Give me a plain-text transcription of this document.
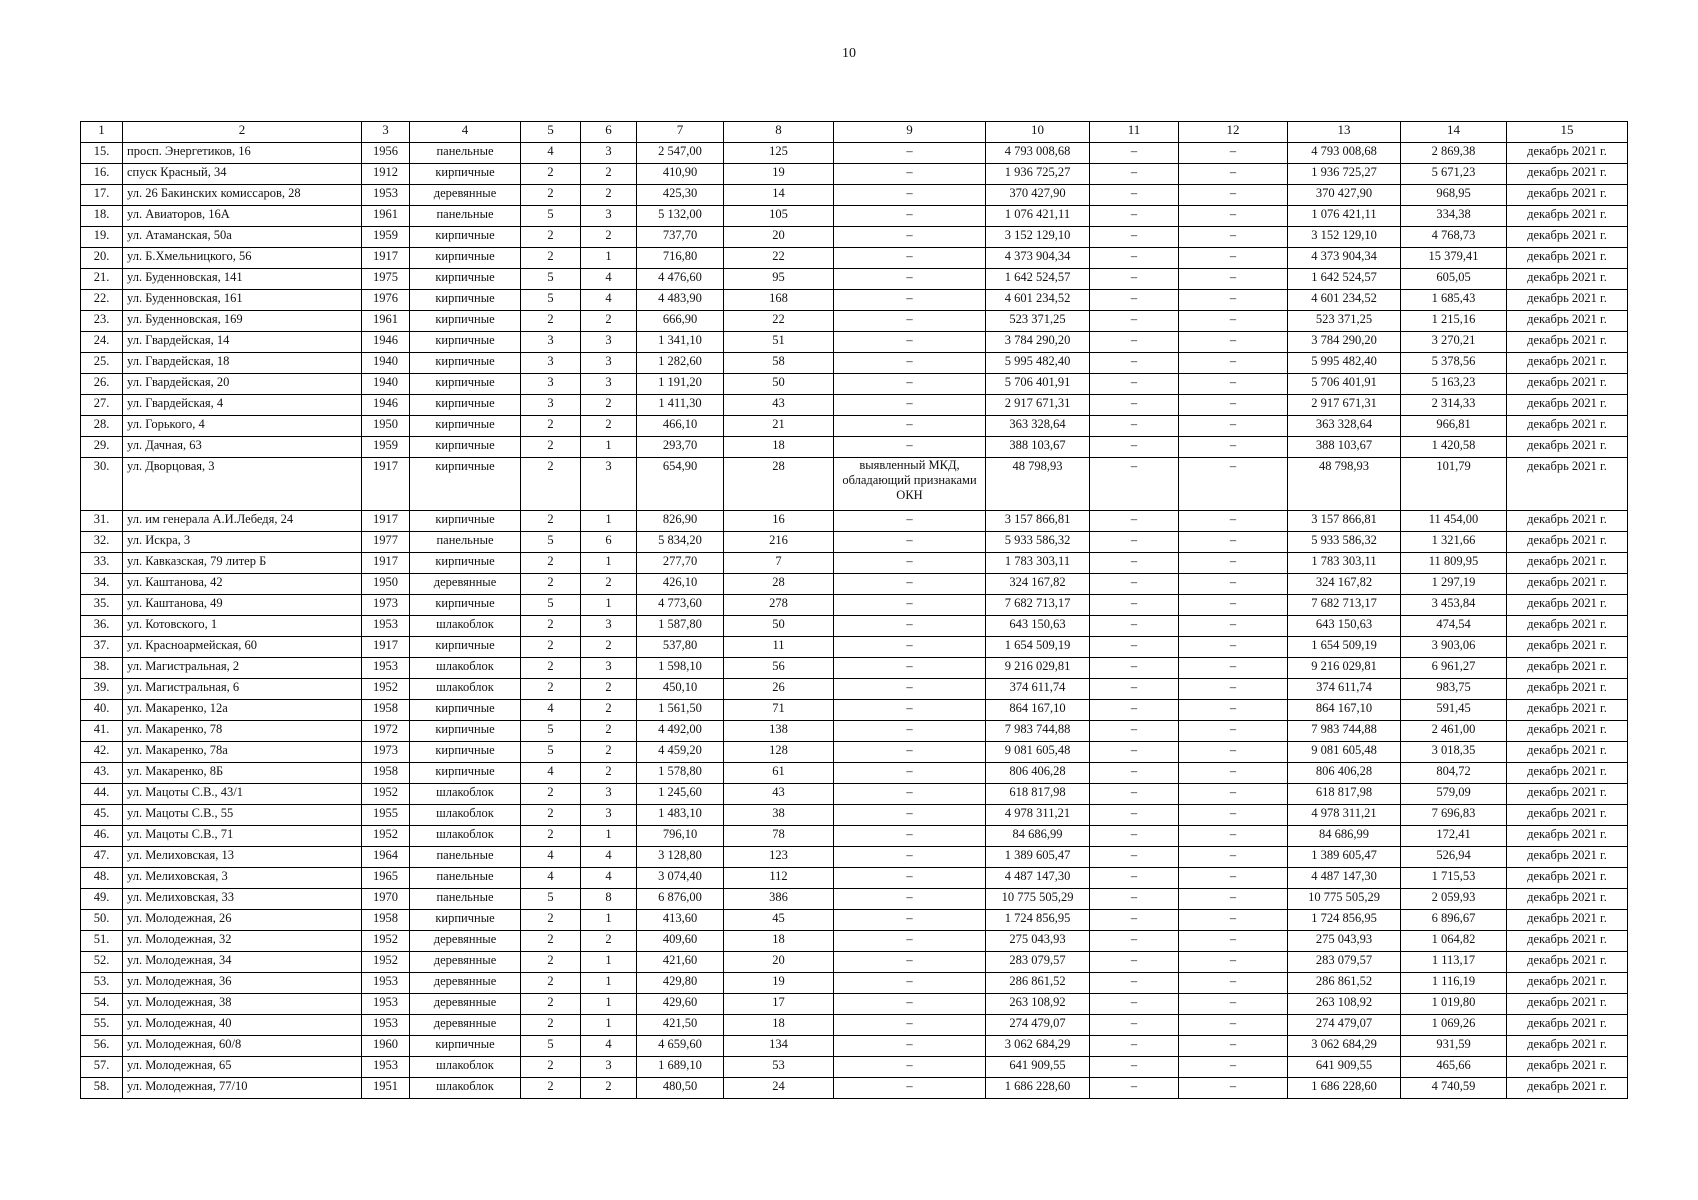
10
1	2	3	4	5	6	7	8	9	10	11	12	13	14	15
15.	просп. Энергетиков, 16	1956	панельные	4	3	2 547,00	125	–	4 793 008,68	–	–	4 793 008,68	2 869,38	декабрь 2021 г.
16.	спуск Красный, 34	1912	кирпичные	2	2	410,90	19	–	1 936 725,27	–	–	1 936 725,27	5 671,23	декабрь 2021 г.
17.	ул. 26 Бакинских комиссаров, 28	1953	деревянные	2	2	425,30	14	–	370 427,90	–	–	370 427,90	968,95	декабрь 2021 г.
18.	ул. Авиаторов, 16А	1961	панельные	5	3	5 132,00	105	–	1 076 421,11	–	–	1 076 421,11	334,38	декабрь 2021 г.
19.	ул. Атаманская, 50а	1959	кирпичные	2	2	737,70	20	–	3 152 129,10	–	–	3 152 129,10	4 768,73	декабрь 2021 г.
20.	ул. Б.Хмельницкого, 56	1917	кирпичные	2	1	716,80	22	–	4 373 904,34	–	–	4 373 904,34	15 379,41	декабрь 2021 г.
21.	ул. Буденновская, 141	1975	кирпичные	5	4	4 476,60	95	–	1 642 524,57	–	–	1 642 524,57	605,05	декабрь 2021 г.
22.	ул. Буденновская, 161	1976	кирпичные	5	4	4 483,90	168	–	4 601 234,52	–	–	4 601 234,52	1 685,43	декабрь 2021 г.
23.	ул. Буденновская, 169	1961	кирпичные	2	2	666,90	22	–	523 371,25	–	–	523 371,25	1 215,16	декабрь 2021 г.
24.	ул. Гвардейская, 14	1946	кирпичные	3	3	1 341,10	51	–	3 784 290,20	–	–	3 784 290,20	3 270,21	декабрь 2021 г.
25.	ул. Гвардейская, 18	1940	кирпичные	3	3	1 282,60	58	–	5 995 482,40	–	–	5 995 482,40	5 378,56	декабрь 2021 г.
26.	ул. Гвардейская, 20	1940	кирпичные	3	3	1 191,20	50	–	5 706 401,91	–	–	5 706 401,91	5 163,23	декабрь 2021 г.
27.	ул. Гвардейская, 4	1946	кирпичные	3	2	1 411,30	43	–	2 917 671,31	–	–	2 917 671,31	2 314,33	декабрь 2021 г.
28.	ул. Горького, 4	1950	кирпичные	2	2	466,10	21	–	363 328,64	–	–	363 328,64	966,81	декабрь 2021 г.
29.	ул. Дачная, 63	1959	кирпичные	2	1	293,70	18	–	388 103,67	–	–	388 103,67	1 420,58	декабрь 2021 г.
30.	ул. Дворцовая, 3	1917	кирпичные	2	3	654,90	28	выявленный МКД, обладающий признаками ОКН	48 798,93	–	–	48 798,93	101,79	декабрь 2021 г.
31.	ул. им генерала А.И.Лебедя, 24	1917	кирпичные	2	1	826,90	16	–	3 157 866,81	–	–	3 157 866,81	11 454,00	декабрь 2021 г.
32.	ул. Искра, 3	1977	панельные	5	6	5 834,20	216	–	5 933 586,32	–	–	5 933 586,32	1 321,66	декабрь 2021 г.
33.	ул. Кавказская, 79 литер Б	1917	кирпичные	2	1	277,70	7	–	1 783 303,11	–	–	1 783 303,11	11 809,95	декабрь 2021 г.
34.	ул. Каштанова, 42	1950	деревянные	2	2	426,10	28	–	324 167,82	–	–	324 167,82	1 297,19	декабрь 2021 г.
35.	ул. Каштанова, 49	1973	кирпичные	5	1	4 773,60	278	–	7 682 713,17	–	–	7 682 713,17	3 453,84	декабрь 2021 г.
36.	ул. Котовского, 1	1953	шлакоблок	2	3	1 587,80	50	–	643 150,63	–	–	643 150,63	474,54	декабрь 2021 г.
37.	ул. Красноармейская, 60	1917	кирпичные	2	2	537,80	11	–	1 654 509,19	–	–	1 654 509,19	3 903,06	декабрь 2021 г.
38.	ул. Магистральная, 2	1953	шлакоблок	2	3	1 598,10	56	–	9 216 029,81	–	–	9 216 029,81	6 961,27	декабрь 2021 г.
39.	ул. Магистральная, 6	1952	шлакоблок	2	2	450,10	26	–	374 611,74	–	–	374 611,74	983,75	декабрь 2021 г.
40.	ул. Макаренко, 12а	1958	кирпичные	4	2	1 561,50	71	–	864 167,10	–	–	864 167,10	591,45	декабрь 2021 г.
41.	ул. Макаренко, 78	1972	кирпичные	5	2	4 492,00	138	–	7 983 744,88	–	–	7 983 744,88	2 461,00	декабрь 2021 г.
42.	ул. Макаренко, 78а	1973	кирпичные	5	2	4 459,20	128	–	9 081 605,48	–	–	9 081 605,48	3 018,35	декабрь 2021 г.
43.	ул. Макаренко, 8Б	1958	кирпичные	4	2	1 578,80	61	–	806 406,28	–	–	806 406,28	804,72	декабрь 2021 г.
44.	ул. Мацоты С.В., 43/1	1952	шлакоблок	2	3	1 245,60	43	–	618 817,98	–	–	618 817,98	579,09	декабрь 2021 г.
45.	ул. Мацоты С.В., 55	1955	шлакоблок	2	3	1 483,10	38	–	4 978 311,21	–	–	4 978 311,21	7 696,83	декабрь 2021 г.
46.	ул. Мацоты С.В., 71	1952	шлакоблок	2	1	796,10	78	–	84 686,99	–	–	84 686,99	172,41	декабрь 2021 г.
47.	ул. Мелиховская, 13	1964	панельные	4	4	3 128,80	123	–	1 389 605,47	–	–	1 389 605,47	526,94	декабрь 2021 г.
48.	ул. Мелиховская, 3	1965	панельные	4	4	3 074,40	112	–	4 487 147,30	–	–	4 487 147,30	1 715,53	декабрь 2021 г.
49.	ул. Мелиховская, 33	1970	панельные	5	8	6 876,00	386	–	10 775 505,29	–	–	10 775 505,29	2 059,93	декабрь 2021 г.
50.	ул. Молодежная, 26	1958	кирпичные	2	1	413,60	45	–	1 724 856,95	–	–	1 724 856,95	6 896,67	декабрь 2021 г.
51.	ул. Молодежная, 32	1952	деревянные	2	2	409,60	18	–	275 043,93	–	–	275 043,93	1 064,82	декабрь 2021 г.
52.	ул. Молодежная, 34	1952	деревянные	2	1	421,60	20	–	283 079,57	–	–	283 079,57	1 113,17	декабрь 2021 г.
53.	ул. Молодежная, 36	1953	деревянные	2	1	429,80	19	–	286 861,52	–	–	286 861,52	1 116,19	декабрь 2021 г.
54.	ул. Молодежная, 38	1953	деревянные	2	1	429,60	17	–	263 108,92	–	–	263 108,92	1 019,80	декабрь 2021 г.
55.	ул. Молодежная, 40	1953	деревянные	2	1	421,50	18	–	274 479,07	–	–	274 479,07	1 069,26	декабрь 2021 г.
56.	ул. Молодежная, 60/8	1960	кирпичные	5	4	4 659,60	134	–	3 062 684,29	–	–	3 062 684,29	931,59	декабрь 2021 г.
57.	ул. Молодежная, 65	1953	шлакоблок	2	3	1 689,10	53	–	641 909,55	–	–	641 909,55	465,66	декабрь 2021 г.
58.	ул. Молодежная, 77/10	1951	шлакоблок	2	2	480,50	24	–	1 686 228,60	–	–	1 686 228,60	4 740,59	декабрь 2021 г.
